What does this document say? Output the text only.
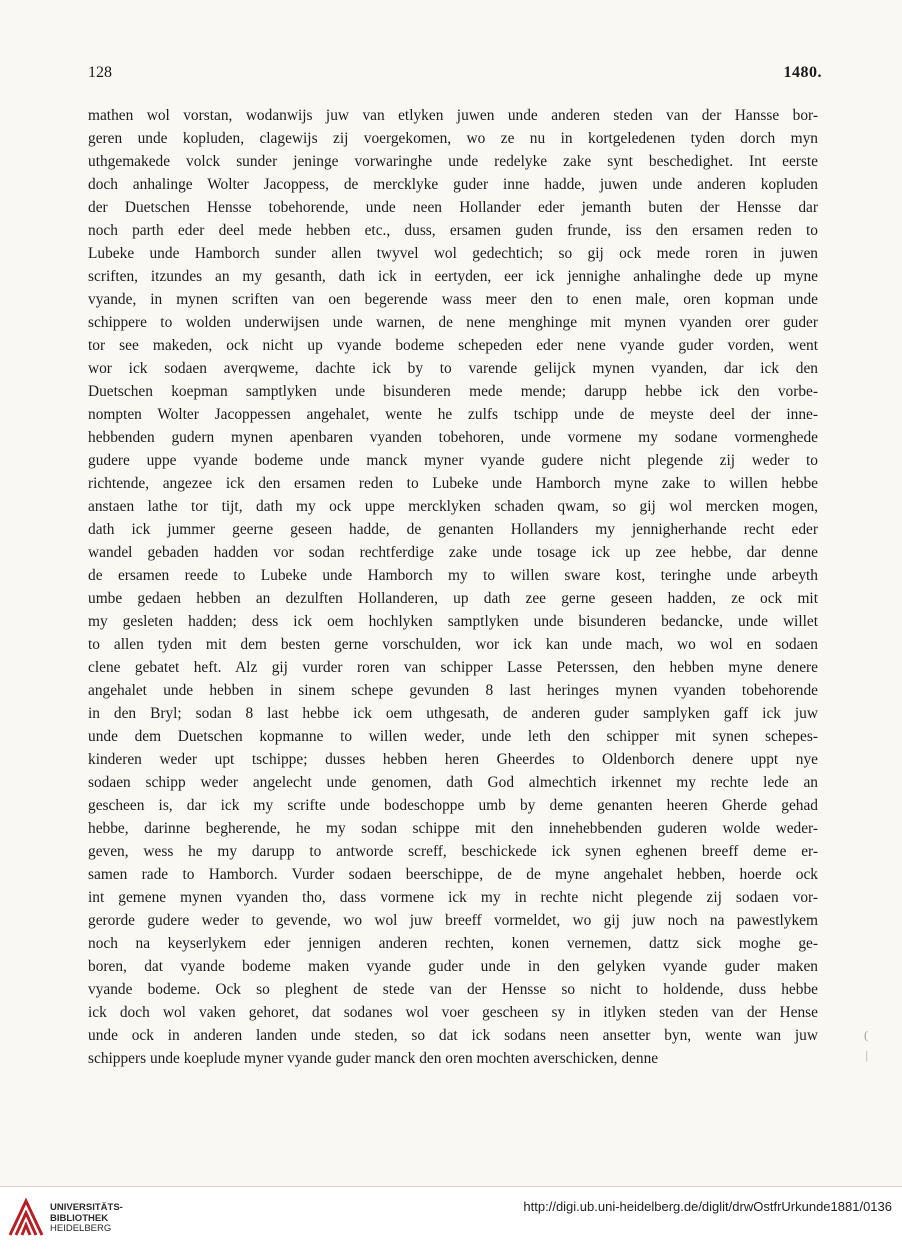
128	1480.
mathen wol vorstan, wodanwijs juw van etlyken juwen unde anderen steden van der Hansse bor-
geren unde kopluden, clagewijs zij voergekomen, wo ze nu in kortgeledenen tyden dorch myn
uthgemakede volck sunder jeninge vorwaringhe unde redelyke zake synt beschedighet. Int eerste
doch anhalinge Wolter Jacoppess, de mercklyke guder inne hadde, juwen unde anderen kopluden
der Duetschen Hensse tobehorende, unde neen Hollander eder jemanth buten der Hensse dar
noch parth eder deel mede hebben etc., duss, ersamen guden frunde, iss den ersamen reden to
Lubeke unde Hamborch sunder allen twyvel wol gedechtich; so gij ock mede roren in juwen
scriften, itzundes an my gesanth, dath ick in eertyden, eer ick jennighe anhalinghe dede up myne
vyande, in mynen scriften van oen begerende wass meer den to enen male, oren kopman unde
schippere to wolden underwijsen unde warnen, de nene menghinge mit mynen vyanden orer guder
tor see makeden, ock nicht up vyande bodeme schepeden eder nene vyande guder vorden, went
wor ick sodaen averqweme, dachte ick by to varende gelijck mynen vyanden, dar ick den
Duetschen koepman samptlyken unde bisunderen mede mende; darupp hebbe ick den vorbe-
nompten Wolter Jacoppessen angehalet, wente he zulfs tschipp unde de meyste deel der inne-
hebbenden gudern mynen apenbaren vyanden tobehoren, unde vormene my sodane vormenghede
gudere uppe vyande bodeme unde manck myner vyande gudere nicht plegende zij weder to
richtende, angezee ick den ersamen reden to Lubeke unde Hamborch myne zake to willen hebbe
anstaen lathe tor tijt, dath my ock uppe mercklyken schaden qwam, so gij wol mercken mogen,
dath ick jummer geerne geseen hadde, de genanten Hollanders my jennigherhande recht eder
wandel gebaden hadden vor sodan rechtferdige zake unde tosage ick up zee hebbe, dar denne
de ersamen reede to Lubeke unde Hamborch my to willen sware kost, teringhe unde arbeyth
umbe gedaen hebben an dezulften Hollanderen, up dath zee gerne geseen hadden, ze ock mit
my gesleten hadden; dess ick oem hochlyken samptlyken unde bisunderen bedancke, unde willet
to allen tyden mit dem besten gerne vorschulden, wor ick kan unde mach, wo wol en sodaen
clene gebatet heft. Alz gij vurder roren van schipper Lasse Peterssen, den hebben myne denere
angehalet unde hebben in sinem schepe gevunden 8 last heringes mynen vyanden tobehorende
in den Bryl; sodan 8 last hebbe ick oem uthgesath, de anderen guder samplyken gaff ick juw
unde dem Duetschen kopmanne to willen weder, unde leth den schipper mit synen schepes-
kinderen weder upt tschippe; dusses hebben heren Gheerdes to Oldenborch denere uppt nye
sodaen schipp weder angelecht unde genomen, dath God almechtich irkennet my rechte lede an
gescheen is, dar ick my scrifte unde bodeschoppe umb by deme genanten heeren Gherde gehad
hebbe, darinne begherende, he my sodan schippe mit den innehebbenden guderen wolde weder-
geven, wess he my darupp to antworde screff, beschickede ick synen eghenen breeff deme er-
samen rade to Hamborch. Vurder sodaen beerschippe, de de myne angehalet hebben, hoerde ock
int gemene mynen vyanden tho, dass vormene ick my in rechte nicht plegende zij sodaen vor-
gerorde gudere weder to gevende, wo wol juw breeff vormeldet, wo gij juw noch na pawestlykem
noch na keyserlykem eder jennigen anderen rechten, konen vernemen, dattz sick moghe ge-
boren, dat vyande bodeme maken vyande guder unde in den gelyken vyande guder maken
vyande bodeme. Ock so pleghent de stede van der Hensse so nicht to holdende, duss hebbe
ick doch wol vaken gehoret, dat sodanes wol voer gescheen sy in itlyken steden van der Hense
unde ock in anderen landen unde steden, so dat ick sodans neen ansetter byn, wente wan juw
schippers unde koeplude myner vyande guder manck den oren mochten averschicken, denne
(
|
UNIVERSITÄTS-
BIBLIOTHEK
HEIDELBERG
http://digi.ub.uni-heidelberg.de/diglit/drwOstfrUrkunde1881/0136
